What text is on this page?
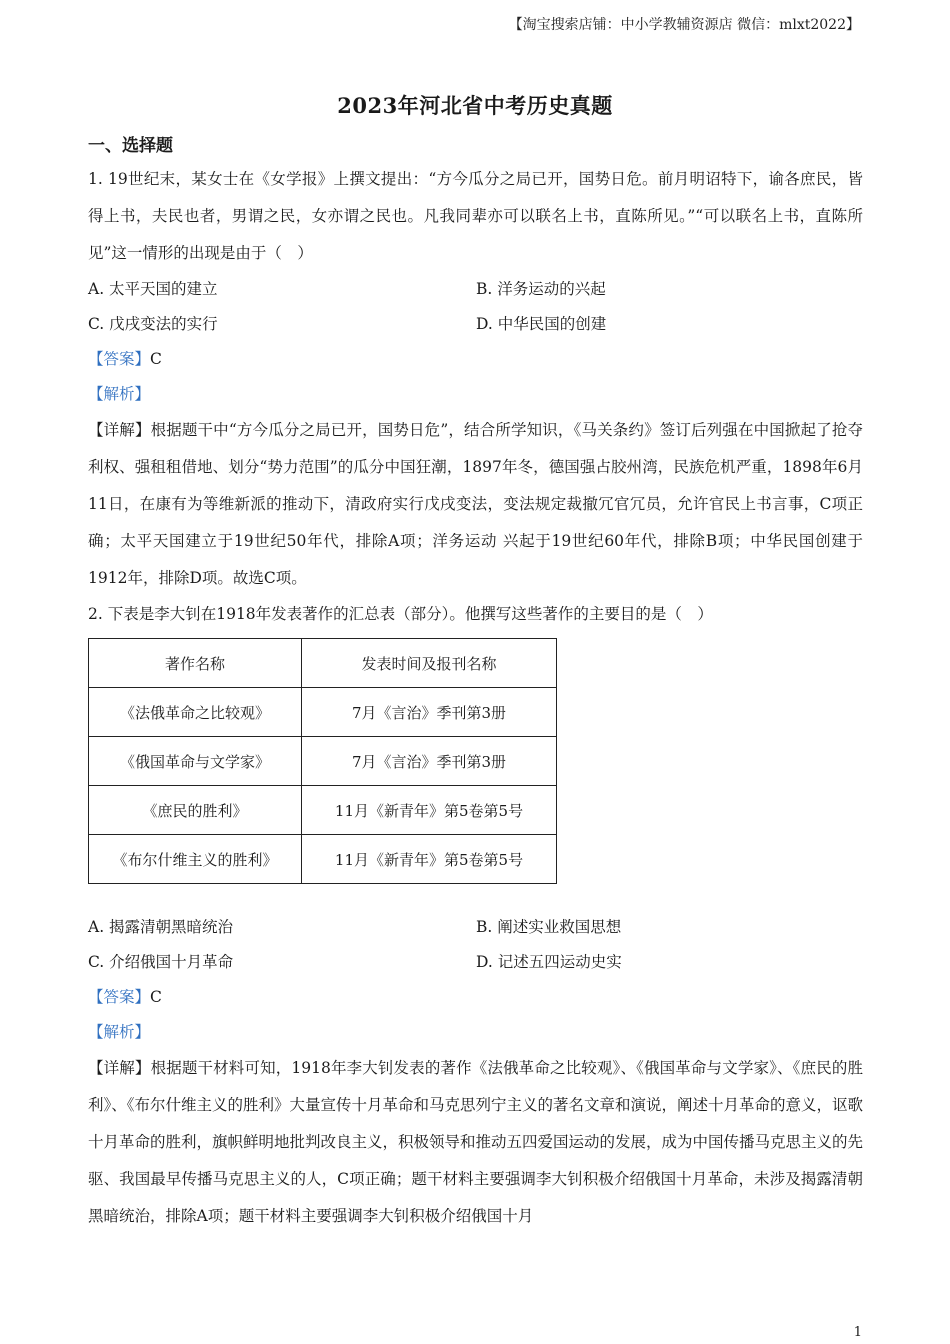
【淘宝搜索店铺：中小学教辅资源店 微信：mlxt2022】
2023年河北省中考历史真题
一、选择题
1. 19世纪末，某女士在《女学报》上撰文提出：“方今瓜分之局已开，国势日危。前月明诏特下，谕各庶民，皆得上书，夫民也者，男谓之民，女亦谓之民也。凡我同辈亦可以联名上书，直陈所见。”“可以联名上书，直陈所见”这一情形的出现是由于（　）
A. 太平天国的建立	B. 洋务运动的兴起
C. 戊戌变法的实行	D. 中华民国的创建
【答案】C
【解析】
【详解】根据题干中“方今瓜分之局已开，国势日危”，结合所学知识，《马关条约》签订后列强在中国掀起了抢夺利权、强租租借地、划分“势力范围”的瓜分中国狂潮，1897年冬，德国强占胶州湾，民族危机严重，1898年6月11日，在康有为等维新派的推动下，清政府实行戊戌变法，变法规定裁撤冗官冗员，允许官民上书言事，C项正确；太平天国建立于19世纪50年代，排除A项；洋务运动 兴起于19世纪60年代，排除B项；中华民国创建于1912年，排除D项。故选C项。
2. 下表是李大钊在1918年发表著作的汇总表（部分）。他撰写这些著作的主要目的是（　）
著作名称	发表时间及报刊名称
《法俄革命之比较观》	7月《言治》季刊第3册
《俄国革命与文学家》	7月《言治》季刊第3册
《庶民的胜利》	11月《新青年》第5卷第5号
《布尔什维主义的胜利》	11月《新青年》第5卷第5号
A. 揭露清朝黑暗统治	B. 阐述实业救国思想
C. 介绍俄国十月革命	D. 记述五四运动史实
【答案】C
【解析】
【详解】根据题干材料可知，1918年李大钊发表的著作《法俄革命之比较观》、《俄国革命与文学家》、《庶民的胜利》、《布尔什维主义的胜利》大量宣传十月革命和马克思列宁主义的著名文章和演说，阐述十月革命的意义，讴歌十月革命的胜利，旗帜鲜明地批判改良主义，积极领导和推动五四爱国运动的发展，成为中国传播马克思主义的先驱、我国最早传播马克思主义的人，C项正确；题干材料主要强调李大钊积极介绍俄国十月革命，未涉及揭露清朝黑暗统治，排除A项；题干材料主要强调李大钊积极介绍俄国十月
1
